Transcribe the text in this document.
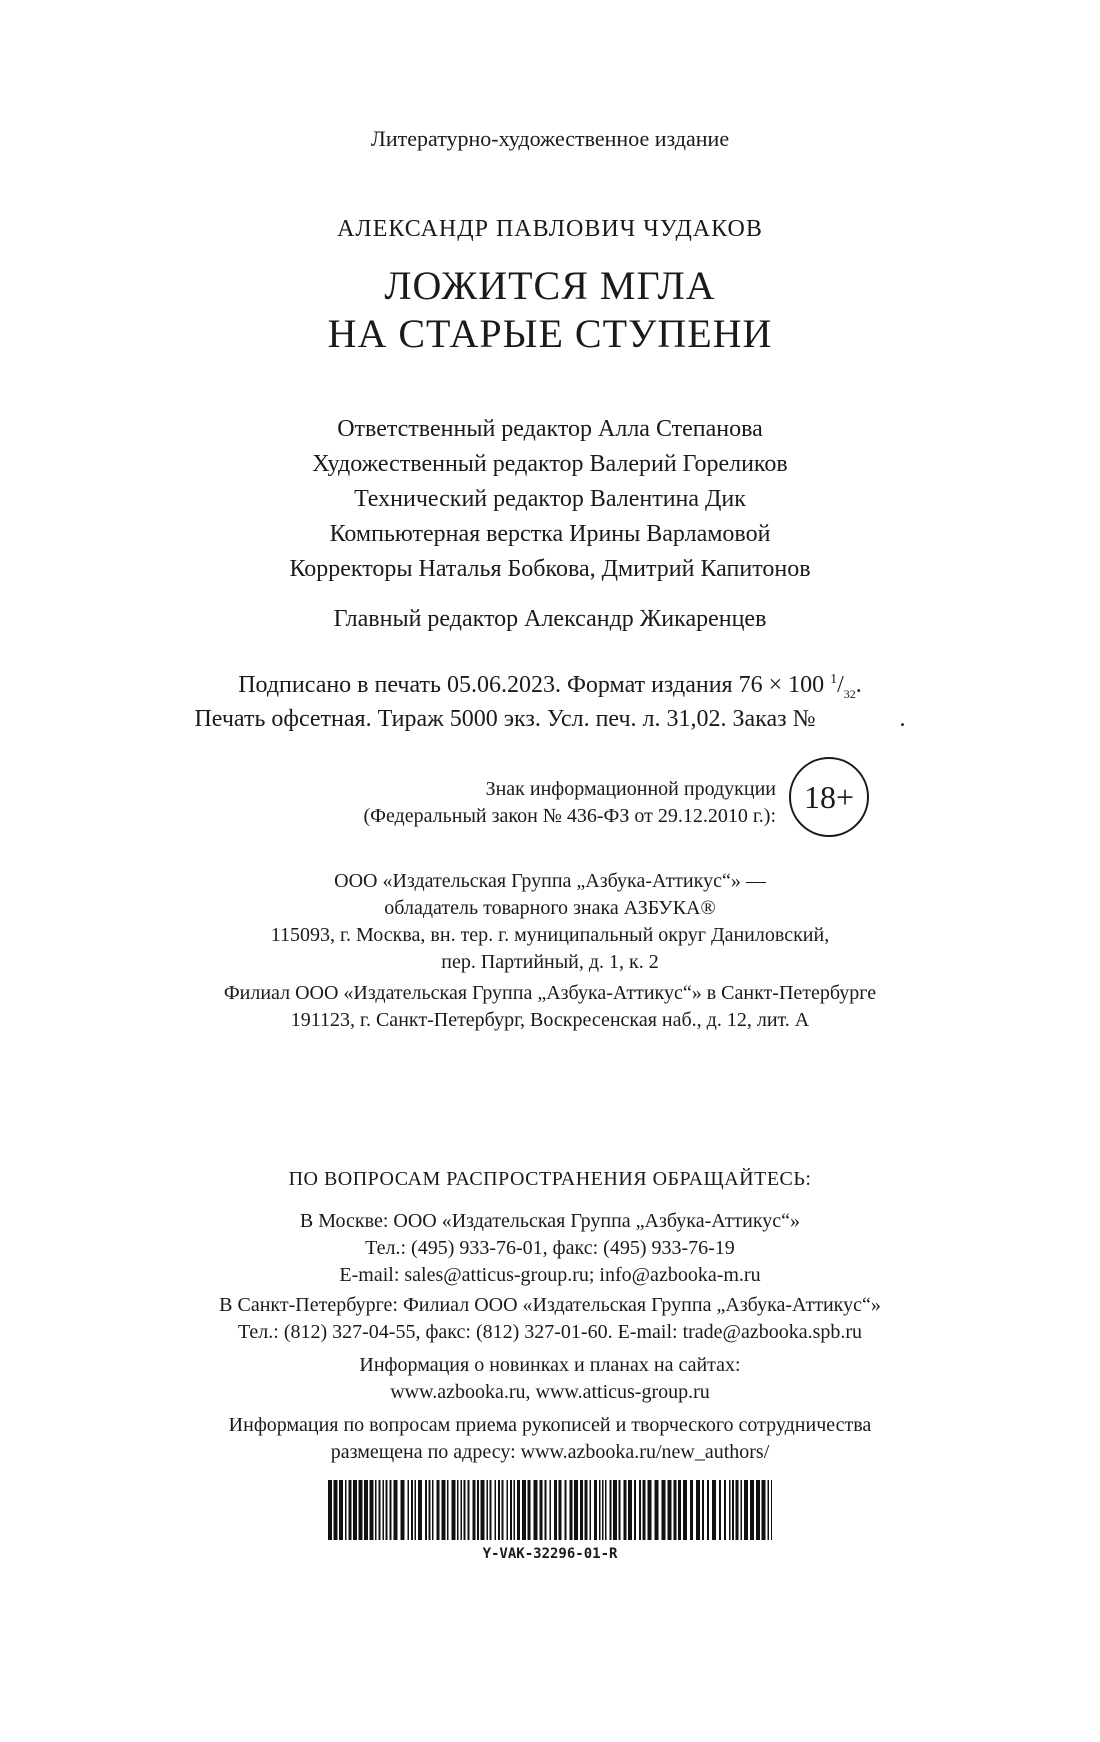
Литературно-художественное издание
АЛЕКСАНДР ПАВЛОВИЧ ЧУДАКОВ
ЛОЖИТСЯ МГЛА
НА СТАРЫЕ СТУПЕНИ
Ответственный редактор Алла Степанова
Художественный редактор Валерий Гореликов
Технический редактор Валентина Дик
Компьютерная верстка Ирины Варламовой
Корректоры Наталья Бобкова, Дмитрий Капитонов
Главный редактор Александр Жикаренцев
Подписано в печать 05.06.2023. Формат издания 76 × 100 $^1/_{32}$.
Печать офсетная. Тираж 5000 экз. Усл. печ. л. 31,02. Заказ №	.
Знак информационной продукции
(Федеральный закон № 436-ФЗ от 29.12.2010 г.):
18+
ООО «Издательская Группа „Азбука-Аттикус“» —
обладатель товарного знака АЗБУКА®
115093, г. Москва, вн. тер. г. муниципальный округ Даниловский,
пер. Партийный, д. 1, к. 2
Филиал ООО «Издательская Группа „Азбука-Аттикус“» в Санкт-Петербурге
191123, г. Санкт-Петербург, Воскресенская наб., д. 12, лит. А
ПО ВОПРОСАМ РАСПРОСТРАНЕНИЯ ОБРАЩАЙТЕСЬ:
В Москве: ООО «Издательская Группа „Азбука-Аттикус“»
Тел.: (495) 933-76-01, факс: (495) 933-76-19
E-mail: sales@atticus-group.ru; info@azbooka-m.ru
В Санкт-Петербурге: Филиал ООО «Издательская Группа „Азбука-Аттикус“»
Тел.: (812) 327-04-55, факс: (812) 327-01-60. E-mail: trade@azbooka.spb.ru
Информация о новинках и планах на сайтах:
www.azbooka.ru, www.atticus-group.ru
Информация по вопросам приема рукописей и творческого сотрудничества
размещена по адресу: www.azbooka.ru/new_authors/
Y-VAK-32296-01-R
